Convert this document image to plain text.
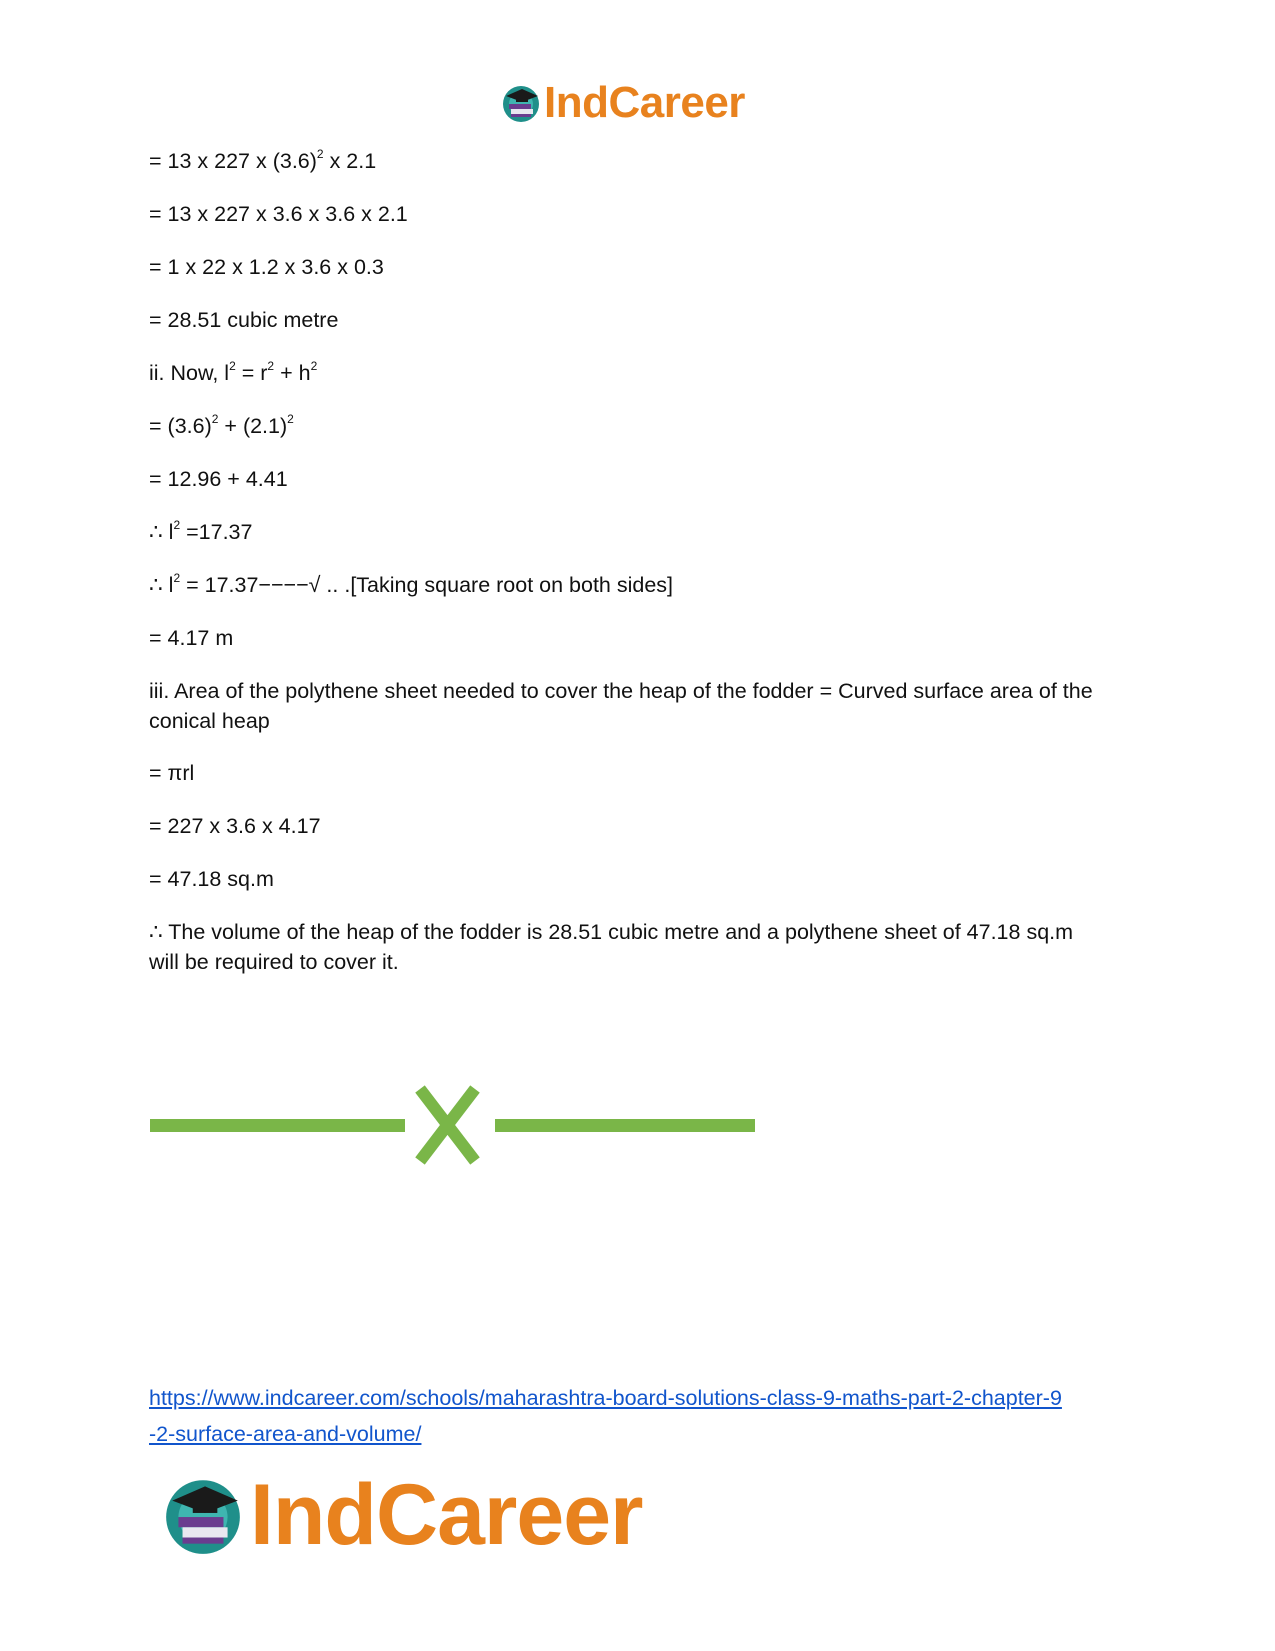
IndCareer

= 13 x 227 x $(3.6)^2$ x 2.1

= 13 x 227 x 3.6 x 3.6 x 2.1

= 1 x 22 x 1.2 x 3.6 x 0.3

= 28.51 cubic metre

ii. Now, $l^2 = r^2 + h^2$

= $(3.6)^2 + (2.1)^2$

= 12.96 + 4.41

∴ $l^2 =17.37$

∴ $l^2 = 17.37----√$ .. .[Taking square root on both sides]

= 4.17 m

iii. Area of the polythene sheet needed to cover the heap of the fodder = Curved surface area of the conical heap

= πrl

= 227 x 3.6 x 4.17

= 47.18 sq.m

∴ The volume of the heap of the fodder is 28.51 cubic metre and a polythene sheet of 47.18 sq.m will be required to cover it.

https://www.indcareer.com/schools/maharashtra-board-solutions-class-9-maths-part-2-chapter-9
-2-surface-area-and-volume/
IndCareer
